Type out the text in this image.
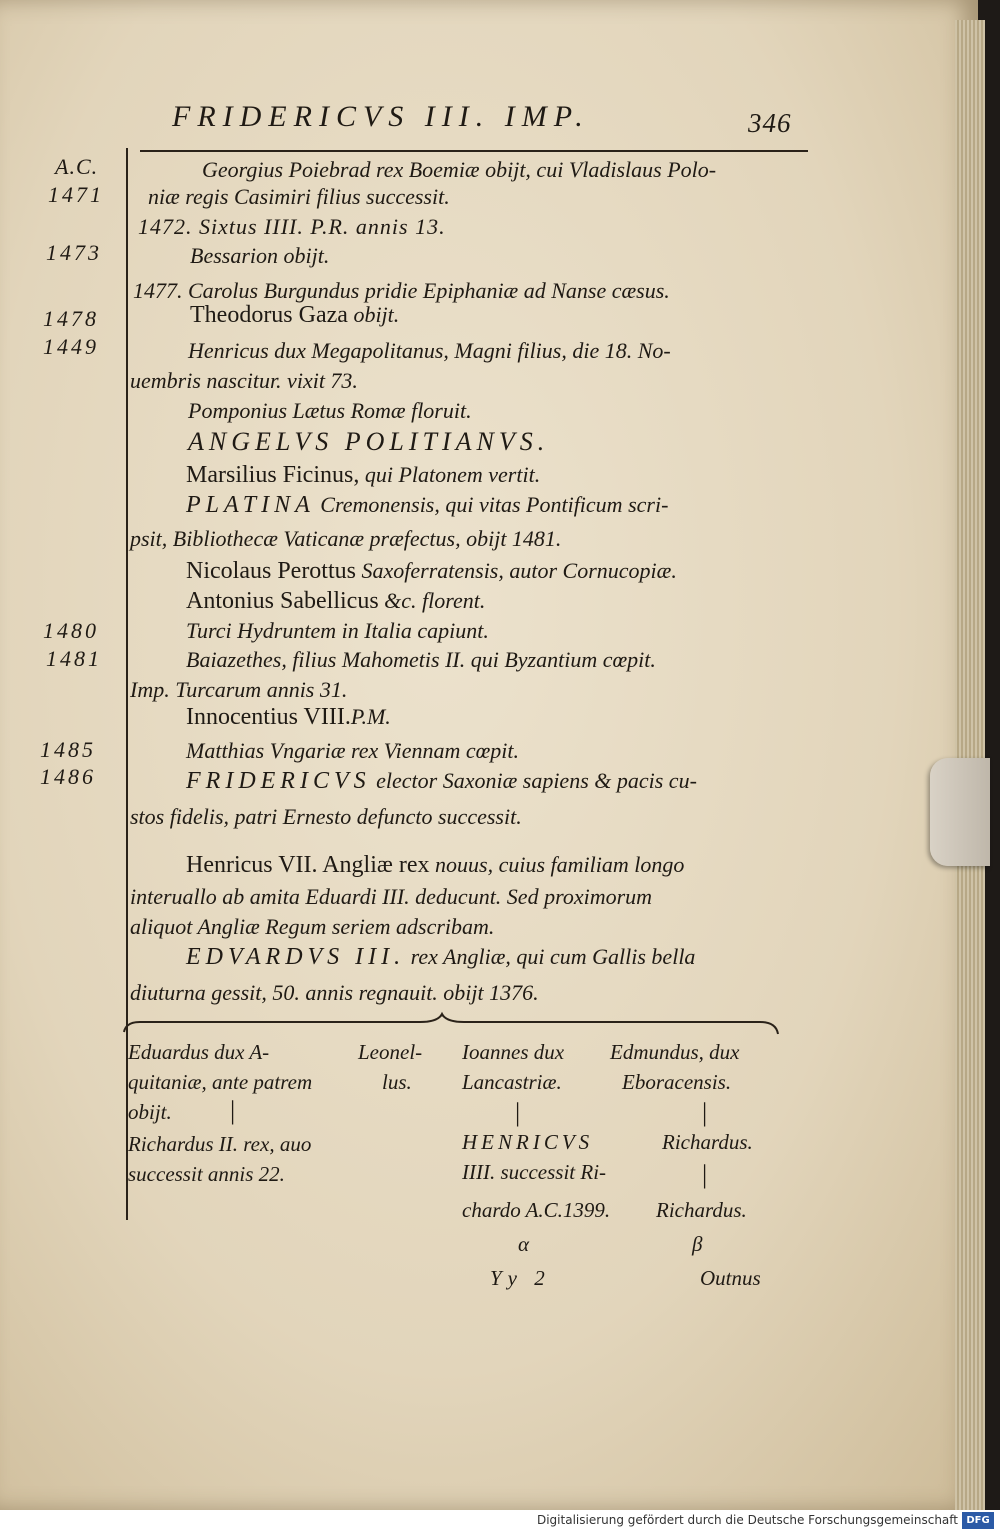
FRIDERICVS III. IMP.	346
A.C.
1471
1473
1478
1449
1480
1481
1485
1486
Georgius Poiebrad rex Boemiæ obijt, cui Vladislaus Polo-
niæ regis Casimiri filius successit.
1472. Sixtus IIII. P.R. annis 13.
Bessarion obijt.
1477. Carolus Burgundus pridie Epiphaniæ ad Nanse cæsus.
Theodorus Gaza obijt.
Henricus dux Megapolitanus, Magni filius, die 18. No-
uembris nascitur. vixit 73.
Pomponius Lætus Romæ floruit.
ANGELVS POLITIANVS.
Marsilius Ficinus, qui Platonem vertit.
PLATINA Cremonensis, qui vitas Pontificum scri-
psit, Bibliothecæ Vaticanæ præfectus, obijt 1481.
Nicolaus Perottus Saxoferratensis, autor Cornucopiæ.
Antonius Sabellicus &c. florent.
Turci Hydruntem in Italia capiunt.
Baiazethes, filius Mahometis II. qui Byzantium cœpit.
Imp. Turcarum annis 31.
Innocentius VIII.P.M.
Matthias Vngariæ rex Viennam cœpit.
FRIDERICVS elector Saxoniæ sapiens & pacis cu-
stos fidelis, patri Ernesto defuncto successit.
Henricus VII. Angliæ rex nouus, cuius familiam longo
interuallo ab amita Eduardi III. deducunt. Sed proximorum
aliquot Angliæ Regum seriem adscribam.
EDVARDVS III. rex Angliæ, qui cum Gallis bella
diuturna gessit, 50. annis regnauit. obijt 1376.
Eduardus dux A-
quitaniæ, ante patrem
obijt. |
Richardus II. rex, auo
successit annis 22.
Leonel-
lus.
Ioannes dux
Lancastriæ.
|
HENRICVS
IIII. successit Ri-
chardo A.C.1399.
α
Edmundus, dux
Eboracensis.
|
Richardus.
|
Richardus.
β
Yy 2	Outnus
Digitalisierung gefördert durch die Deutsche Forschungsgemeinschaft DFG
